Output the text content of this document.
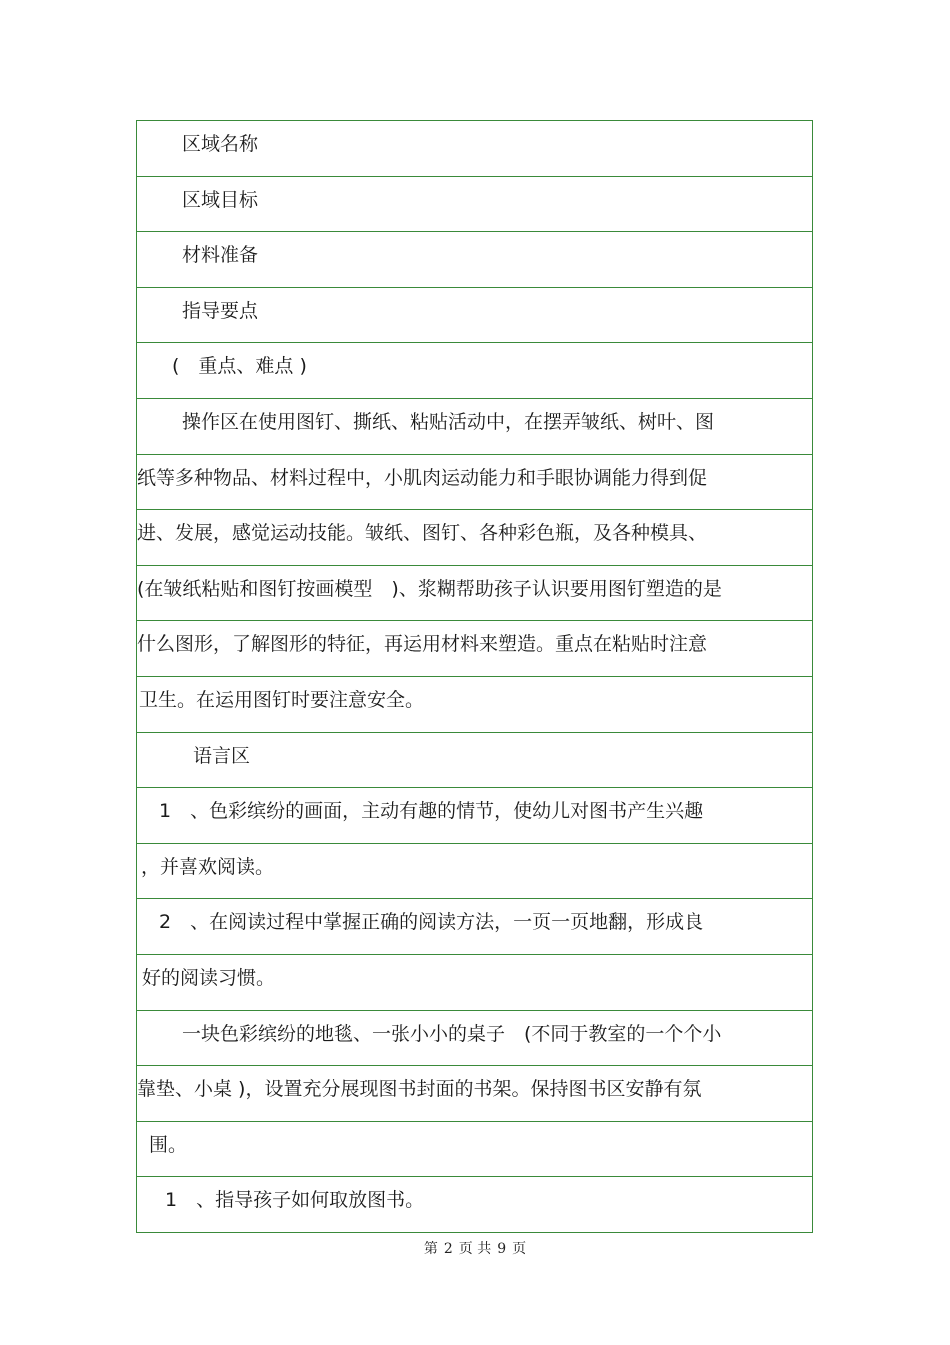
区域名称
区域目标
材料准备
指导要点
(　重点、难点 )
操作区在使用图钉、撕纸、粘贴活动中，在摆弄皱纸、树叶、图
纸等多种物品、材料过程中，小肌肉运动能力和手眼协调能力得到促
进、发展，感觉运动技能。皱纸、图钉、各种彩色瓶，及各种模具、
(在皱纸粘贴和图钉按画模型　)、浆糊帮助孩子认识要用图钉塑造的是
什么图形，了解图形的特征，再运用材料来塑造。重点在粘贴时注意
卫生。在运用图钉时要注意安全。
语言区
1　、色彩缤纷的画面，主动有趣的情节，使幼儿对图书产生兴趣
，并喜欢阅读。
2　、在阅读过程中掌握正确的阅读方法，一页一页地翻，形成良
好的阅读习惯。
一块色彩缤纷的地毯、一张小小的桌子　(不同于教室的一个个小
靠垫、小桌 )，设置充分展现图书封面的书架。保持图书区安静有氛
围。
1　、指导孩子如何取放图书。
第 2 页 共 9 页
